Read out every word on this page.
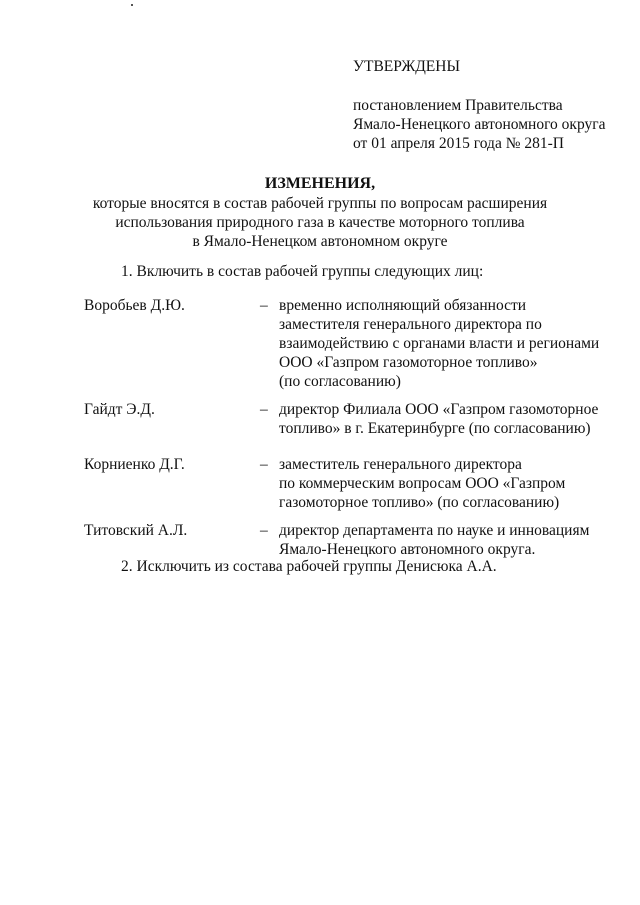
УТВЕРЖДЕНЫ
постановлением Правительства
Ямало-Ненецкого автономного округа
от 01 апреля 2015 года № 281-П
ИЗМЕНЕНИЯ,
которые вносятся в состав рабочей группы по вопросам расширения
использования природного газа в качестве моторного топлива
в Ямало-Ненецком автономном округе
1. Включить в состав рабочей группы следующих лиц:
Воробьев Д.Ю.	– временно исполняющий обязанности
заместителя генерального директора по
взаимодействию с органами власти и регионами
ООО «Газпром газомоторное топливо»
(по согласованию)
Гайдт Э.Д.	– директор Филиала ООО «Газпром газомоторное
топливо» в г. Екатеринбурге (по согласованию)
Корниенко Д.Г.	– заместитель генерального директора
по коммерческим вопросам ООО «Газпром
газомоторное топливо» (по согласованию)
Титовский А.Л.	– директор департамента по науке и инновациям
Ямало-Ненецкого автономного округа.
2. Исключить из состава рабочей группы Денисюка А.А.
